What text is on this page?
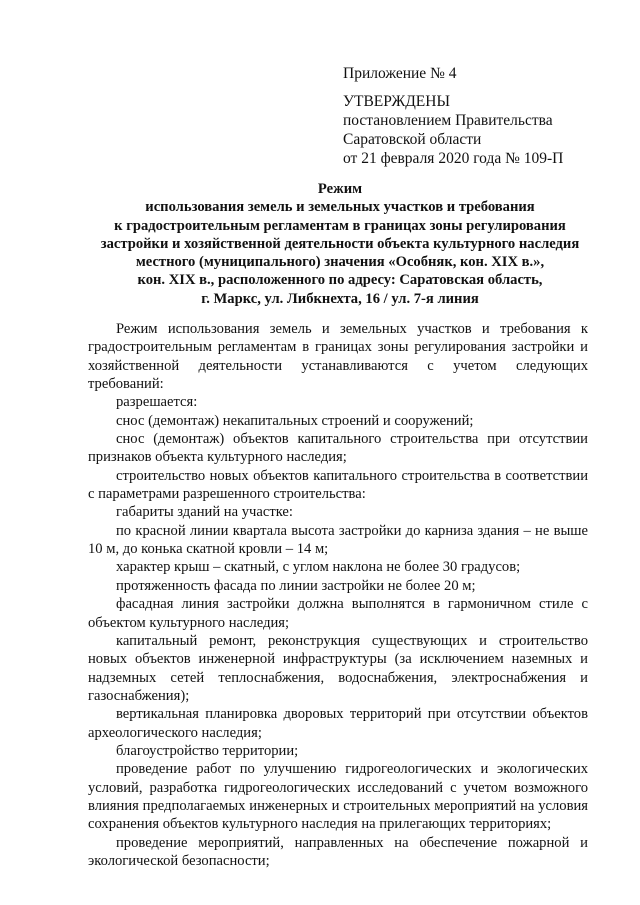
Приложение № 4
УТВЕРЖДЕНЫ
постановлением Правительства
Саратовской области
от 21 февраля 2020 года № 109-П
Режим
использования земель и земельных участков и требования
к градостроительным регламентам в границах зоны регулирования
застройки и хозяйственной деятельности объекта культурного наследия
местного (муниципального) значения «Особняк, кон. XIX в.»,
кон. XIX в., расположенного по адресу: Саратовская область,
г. Маркс, ул. Либкнехта, 16 / ул. 7-я линия

Режим использования земель и земельных участков и требования к градостроительным регламентам в границах зоны регулирования застройки и хозяйственной деятельности устанавливаются с учетом следующих требований:

разрешается:

снос (демонтаж) некапитальных строений и сооружений;

снос (демонтаж) объектов капитального строительства при отсутствии признаков объекта культурного наследия;

строительство новых объектов капитального строительства в соответствии с параметрами разрешенного строительства:

габариты зданий на участке:

по красной линии квартала высота застройки до карниза здания – не выше 10 м, до конька скатной кровли – 14 м;

характер крыш – скатный, с углом наклона не более 30 градусов;

протяженность фасада по линии застройки не более 20 м;

фасадная линия застройки должна выполнятся в гармоничном стиле с объектом культурного наследия;

капитальный ремонт, реконструкция существующих и строительство новых объектов инженерной инфраструктуры (за исключением наземных и надземных сетей теплоснабжения, водоснабжения, электроснабжения и газоснабжения);

вертикальная планировка дворовых территорий при отсутствии объектов археологического наследия;

благоустройство территории;

проведение работ по улучшению гидрогеологических и экологических условий, разработка гидрогеологических исследований с учетом возможного влияния предполагаемых инженерных и строительных мероприятий на условия сохранения объектов культурного наследия на прилегающих территориях;

проведение мероприятий, направленных на обеспечение пожарной и экологической безопасности;
